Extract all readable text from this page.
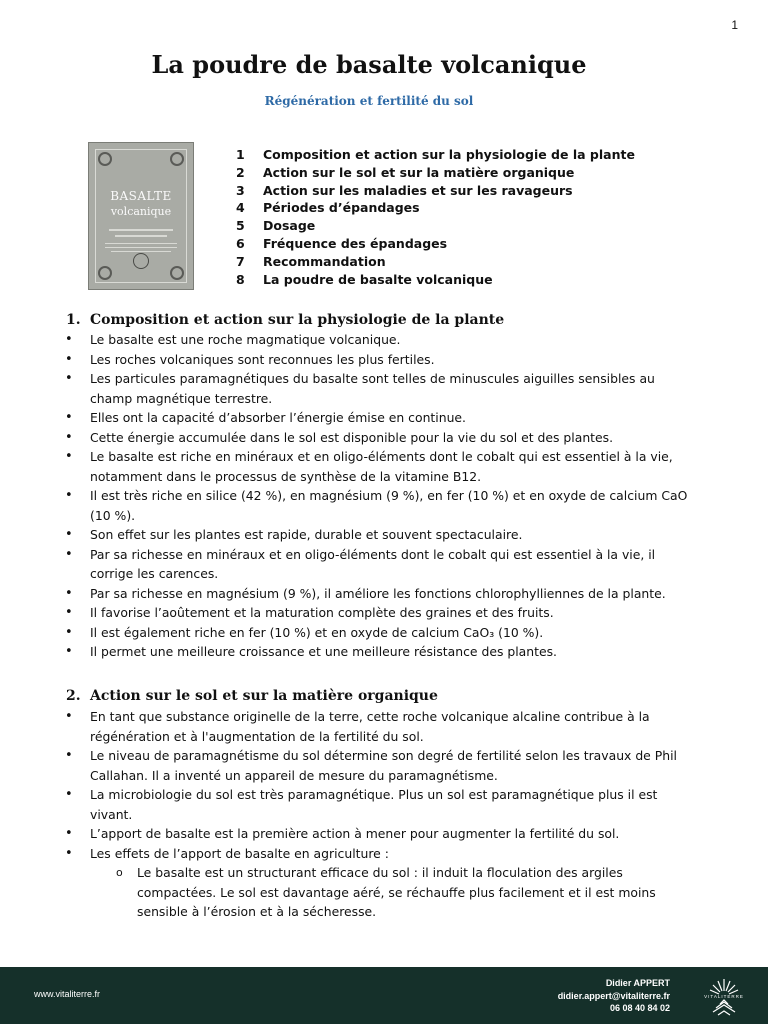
1
La poudre de basalte volcanique
Régénération et fertilité du sol
BASALTE
volcanique
1 Composition et action sur la physiologie de la plante
2 Action sur le sol et sur la matière organique
3 Action sur les maladies et sur les ravageurs
4 Périodes d’épandages
5 Dosage
6 Fréquence des épandages
7 Recommandation
8 La poudre de basalte volcanique
1. Composition et action sur la physiologie de la plante
• Le basalte est une roche magmatique volcanique.
• Les roches volcaniques sont reconnues les plus fertiles.
• Les particules paramagnétiques du basalte sont telles de minuscules aiguilles sensibles au champ magnétique terrestre.
• Elles ont la capacité d’absorber l’énergie émise en continue.
• Cette énergie accumulée dans le sol est disponible pour la vie du sol et des plantes.
• Le basalte est riche en minéraux et en oligo-éléments dont le cobalt qui est essentiel à la vie, notamment dans le processus de synthèse de la vitamine B12.
• Il est très riche en silice (42 %), en magnésium (9 %), en fer (10 %) et en oxyde de calcium CaO (10 %).
• Son effet sur les plantes est rapide, durable et souvent spectaculaire.
• Par sa richesse en minéraux et en oligo-éléments dont le cobalt qui est essentiel à la vie, il corrige les carences.
• Par sa richesse en magnésium (9 %), il améliore les fonctions chlorophylliennes de la plante.
• Il favorise l’aoûtement et la maturation complète des graines et des fruits.
• Il est également riche en fer (10 %) et en oxyde de calcium CaO₃ (10 %).
• Il permet une meilleure croissance et une meilleure résistance des plantes.
2. Action sur le sol et sur la matière organique
• En tant que substance originelle de la terre, cette roche volcanique alcaline contribue à la régénération et à l'augmentation de la fertilité du sol.
• Le niveau de paramagnétisme du sol détermine son degré de fertilité selon les travaux de Phil Callahan. Il a inventé un appareil de mesure du paramagnétisme.
• La microbiologie du sol est très paramagnétique. Plus un sol est paramagnétique plus il est vivant.
• L’apport de basalte est la première action à mener pour augmenter la fertilité du sol.
• Les effets de l’apport de basalte en agriculture :
o Le basalte est un structurant efficace du sol : il induit la floculation des argiles compactées. Le sol est davantage aéré, se réchauffe plus facilement et il est moins sensible à l’érosion et à la sécheresse.
www.vitaliterre.fr
Didier APPERT
didier.appert@vitaliterre.fr
06 08 40 84 02
VITALITERRE
